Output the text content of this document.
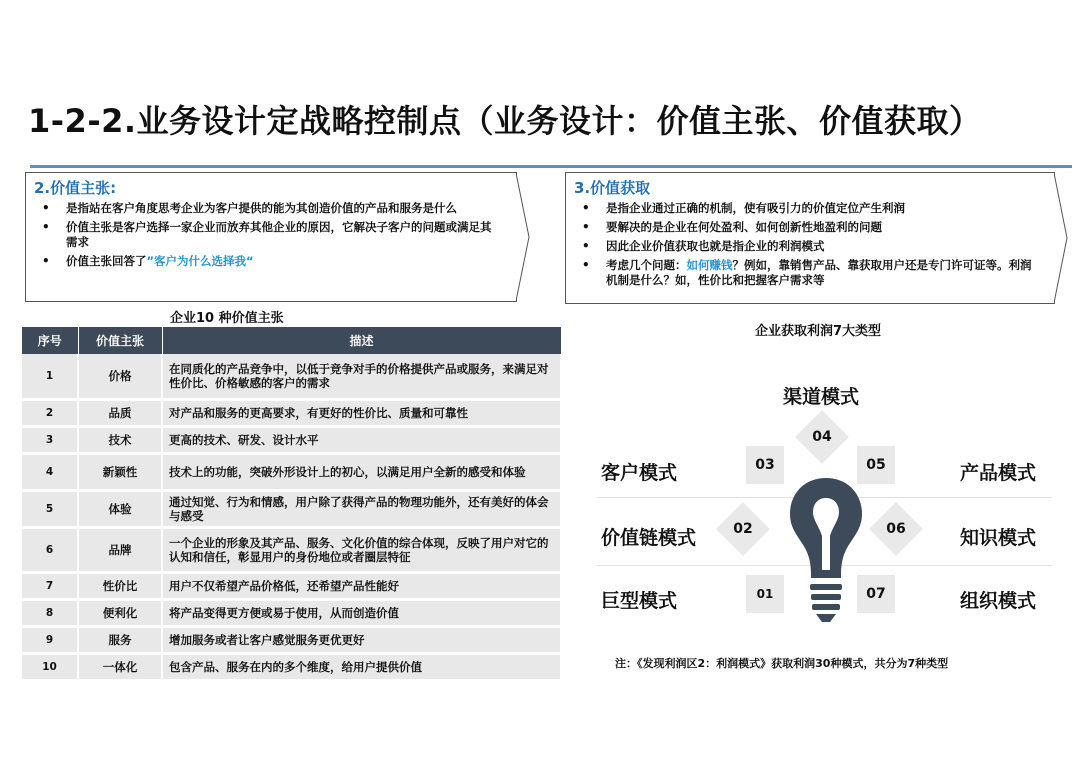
1-2-2.业务设计定战略控制点（业务设计：价值主张、价值获取）
2.价值主张:
• 是指站在客户角度思考企业为客户提供的能为其创造价值的产品和服务是什么
• 价值主张是客户选择一家企业而放弃其他企业的原因，它解决子客户的问题或满足其需求
• 价值主张回答了”客户为什么选择我“
3.价值获取
• 是指企业通过正确的机制，使有吸引力的价值定位产生利润
• 要解决的是企业在何处盈利、如何创新性地盈利的问题
• 因此企业价值获取也就是指企业的利润模式
• 考虑几个问题：如何赚钱？例如，靠销售产品、靠获取用户还是专门许可证等。利润机制是什么？如，性价比和把握客户需求等
企业10 种价值主张
序号	价值主张	描述
1	价格	在同质化的产品竞争中，以低于竞争对手的价格提供产品或服务，来满足对性价比、价格敏感的客户的需求
2	品质	对产品和服务的更高要求，有更好的性价比、质量和可靠性
3	技术	更高的技术、研发、设计水平
4	新颖性	技术上的功能，突破外形设计上的初心，以满足用户全新的感受和体验
5	体验	通过知觉、行为和情感，用户除了获得产品的物理功能外，还有美好的体会与感受
6	品牌	一个企业的形象及其产品、服务、文化价值的综合体现，反映了用户对它的认知和信任，彰显用户的身份地位或者圈层特征
7	性价比	用户不仅希望产品价格低，还希望产品性能好
8	便利化	将产品变得更方便或易于使用，从而创造价值
9	服务	增加服务或者让客户感觉服务更优更好
10	一体化	包含产品、服务在内的多个维度，给用户提供价值
企业获取利润7大类型
渠道模式
客户模式	产品模式
价值链模式	知识模式
巨型模式	组织模式
04
03	05
02	06
01	07
注：《发现利润区2：利润模式》获取利润30种模式，共分为7种类型
